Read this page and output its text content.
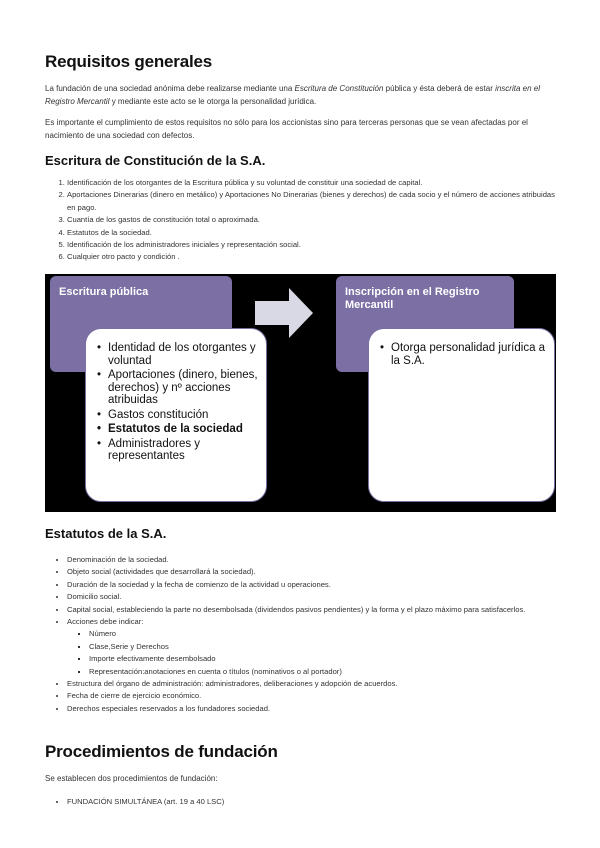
Requisitos generales

La fundación de una sociedad anónima debe realizarse mediante una Escritura de Constitución pública y ésta deberá de estar inscrita en el Registro Mercantil y mediante este acto se le otorga la personalidad jurídica.

Es importante el cumplimiento de estos requisitos no sólo para los accionistas sino para terceras personas que se vean afectadas por el nacimiento de una sociedad con defectos.

Escritura de Constitución de la S.A.
1. Identificación de los otorgantes de la Escritura pública y su voluntad de constituir una sociedad de capital.
2. Aportaciones Dinerarias (dinero en metálico) y Aportaciones No Dinerarias (bienes y derechos) de cada socio y el número de acciones atribuidas en pago.
3. Cuantía de los gastos de constitución total o aproximada.
4. Estatutos de la sociedad.
5. Identificación de los administradores iniciales y representación social.
6. Cualquier otro pacto y condición .
Estatutos de la S.A.
• Denominación de la sociedad.
• Objeto social (actividades que desarrollará la sociedad).
• Duración de la sociedad y la fecha de comienzo de la actividad u operaciones.
• Domicilio social.
• Capital social, estableciendo la parte no desembolsada (dividendos pasivos pendientes) y la forma y el plazo máximo para satisfacerlos.
• Acciones debe indicar:
▪ Número
▪ Clase,Serie y Derechos
▪ Importe efectivamente desembolsado
▪ Representación:anotaciones en cuenta o títulos (nominativos o al portador)
• Estructura del órgano de administración: administradores, deliberaciones y adopción de acuerdos.
• Fecha de cierre de ejercicio económico.
• Derechos especiales reservados a los fundadores sociedad.
Procedimientos de fundación

Se establecen dos procedimientos de fundación:

• FUNDACIÓN SIMULTÁNEA (art. 19 a 40 LSC)
Escritura pública	Inscripción en el Registro Mercantil
• Identidad de los otorgantes y voluntad
• Aportaciones (dinero, bienes, derechos) y nº acciones atribuidas
• Gastos constitución
• Estatutos de la sociedad
• Administradores y representantes
• Otorga personalidad jurídica a la S.A.
